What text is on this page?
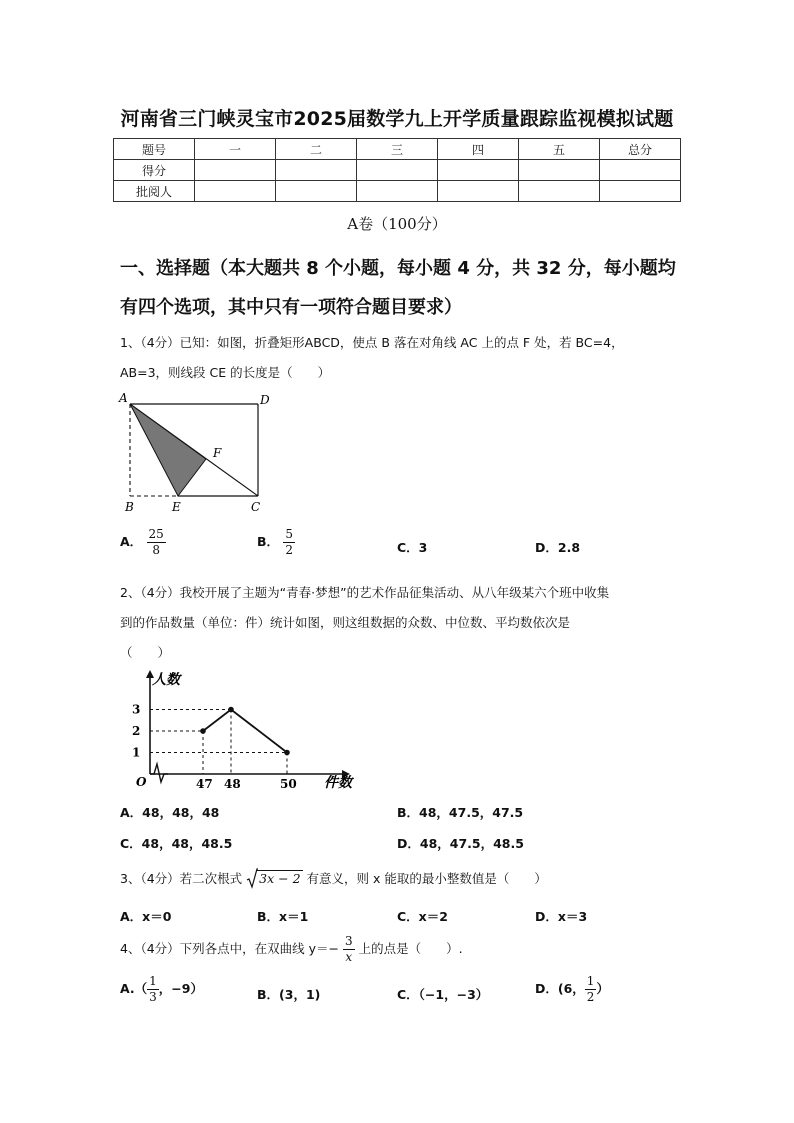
河南省三门峡灵宝市2025届数学九上开学质量跟踪监视模拟试题
题号	一	二	三	四	五	总分
得分						
批阅人						
A卷（100分）
一、选择题（本大题共 8 个小题，每小题 4 分，共 32 分，每小题均
有四个选项，其中只有一项符合题目要求）
1、（4分）已知：如图，折叠矩形ABCD，使点 B 落在对角线 AC 上的点 F 处，若 BC=4，
AB=3，则线段 CE 的长度是（　　）
A	D
F
B	E	C
A． $\frac{25}{8}$	B． $\frac{5}{2}$	C．3	D．2.8
2、（4分）我校开展了主题为“青春·梦想”的艺术作品征集活动、从八年级某六个班中收集
到的作品数量（单位：件）统计如图，则这组数据的众数、中位数、平均数依次是
（　　）
人数
件数
O
1
2
3
47 48	50
A．48，48，48	B．48，47.5，47.5
C．48，48，48.5	D．48，47.5，48.5
3、（4分）若二次根式 3x − 2 有意义，则 x 能取的最小整数值是（　　）
A．x＝0	B．x＝1	C．x＝2	D．x＝3
4、（4分）下列各点中，在双曲线 $y=- \frac{3}{x}$ 上的点是（　　）.
$A.( \frac{1}{3}$ ，−9）	B．(3，1)	C．（−1，−3）	D．(6， $\frac{1}{2}$ ）
